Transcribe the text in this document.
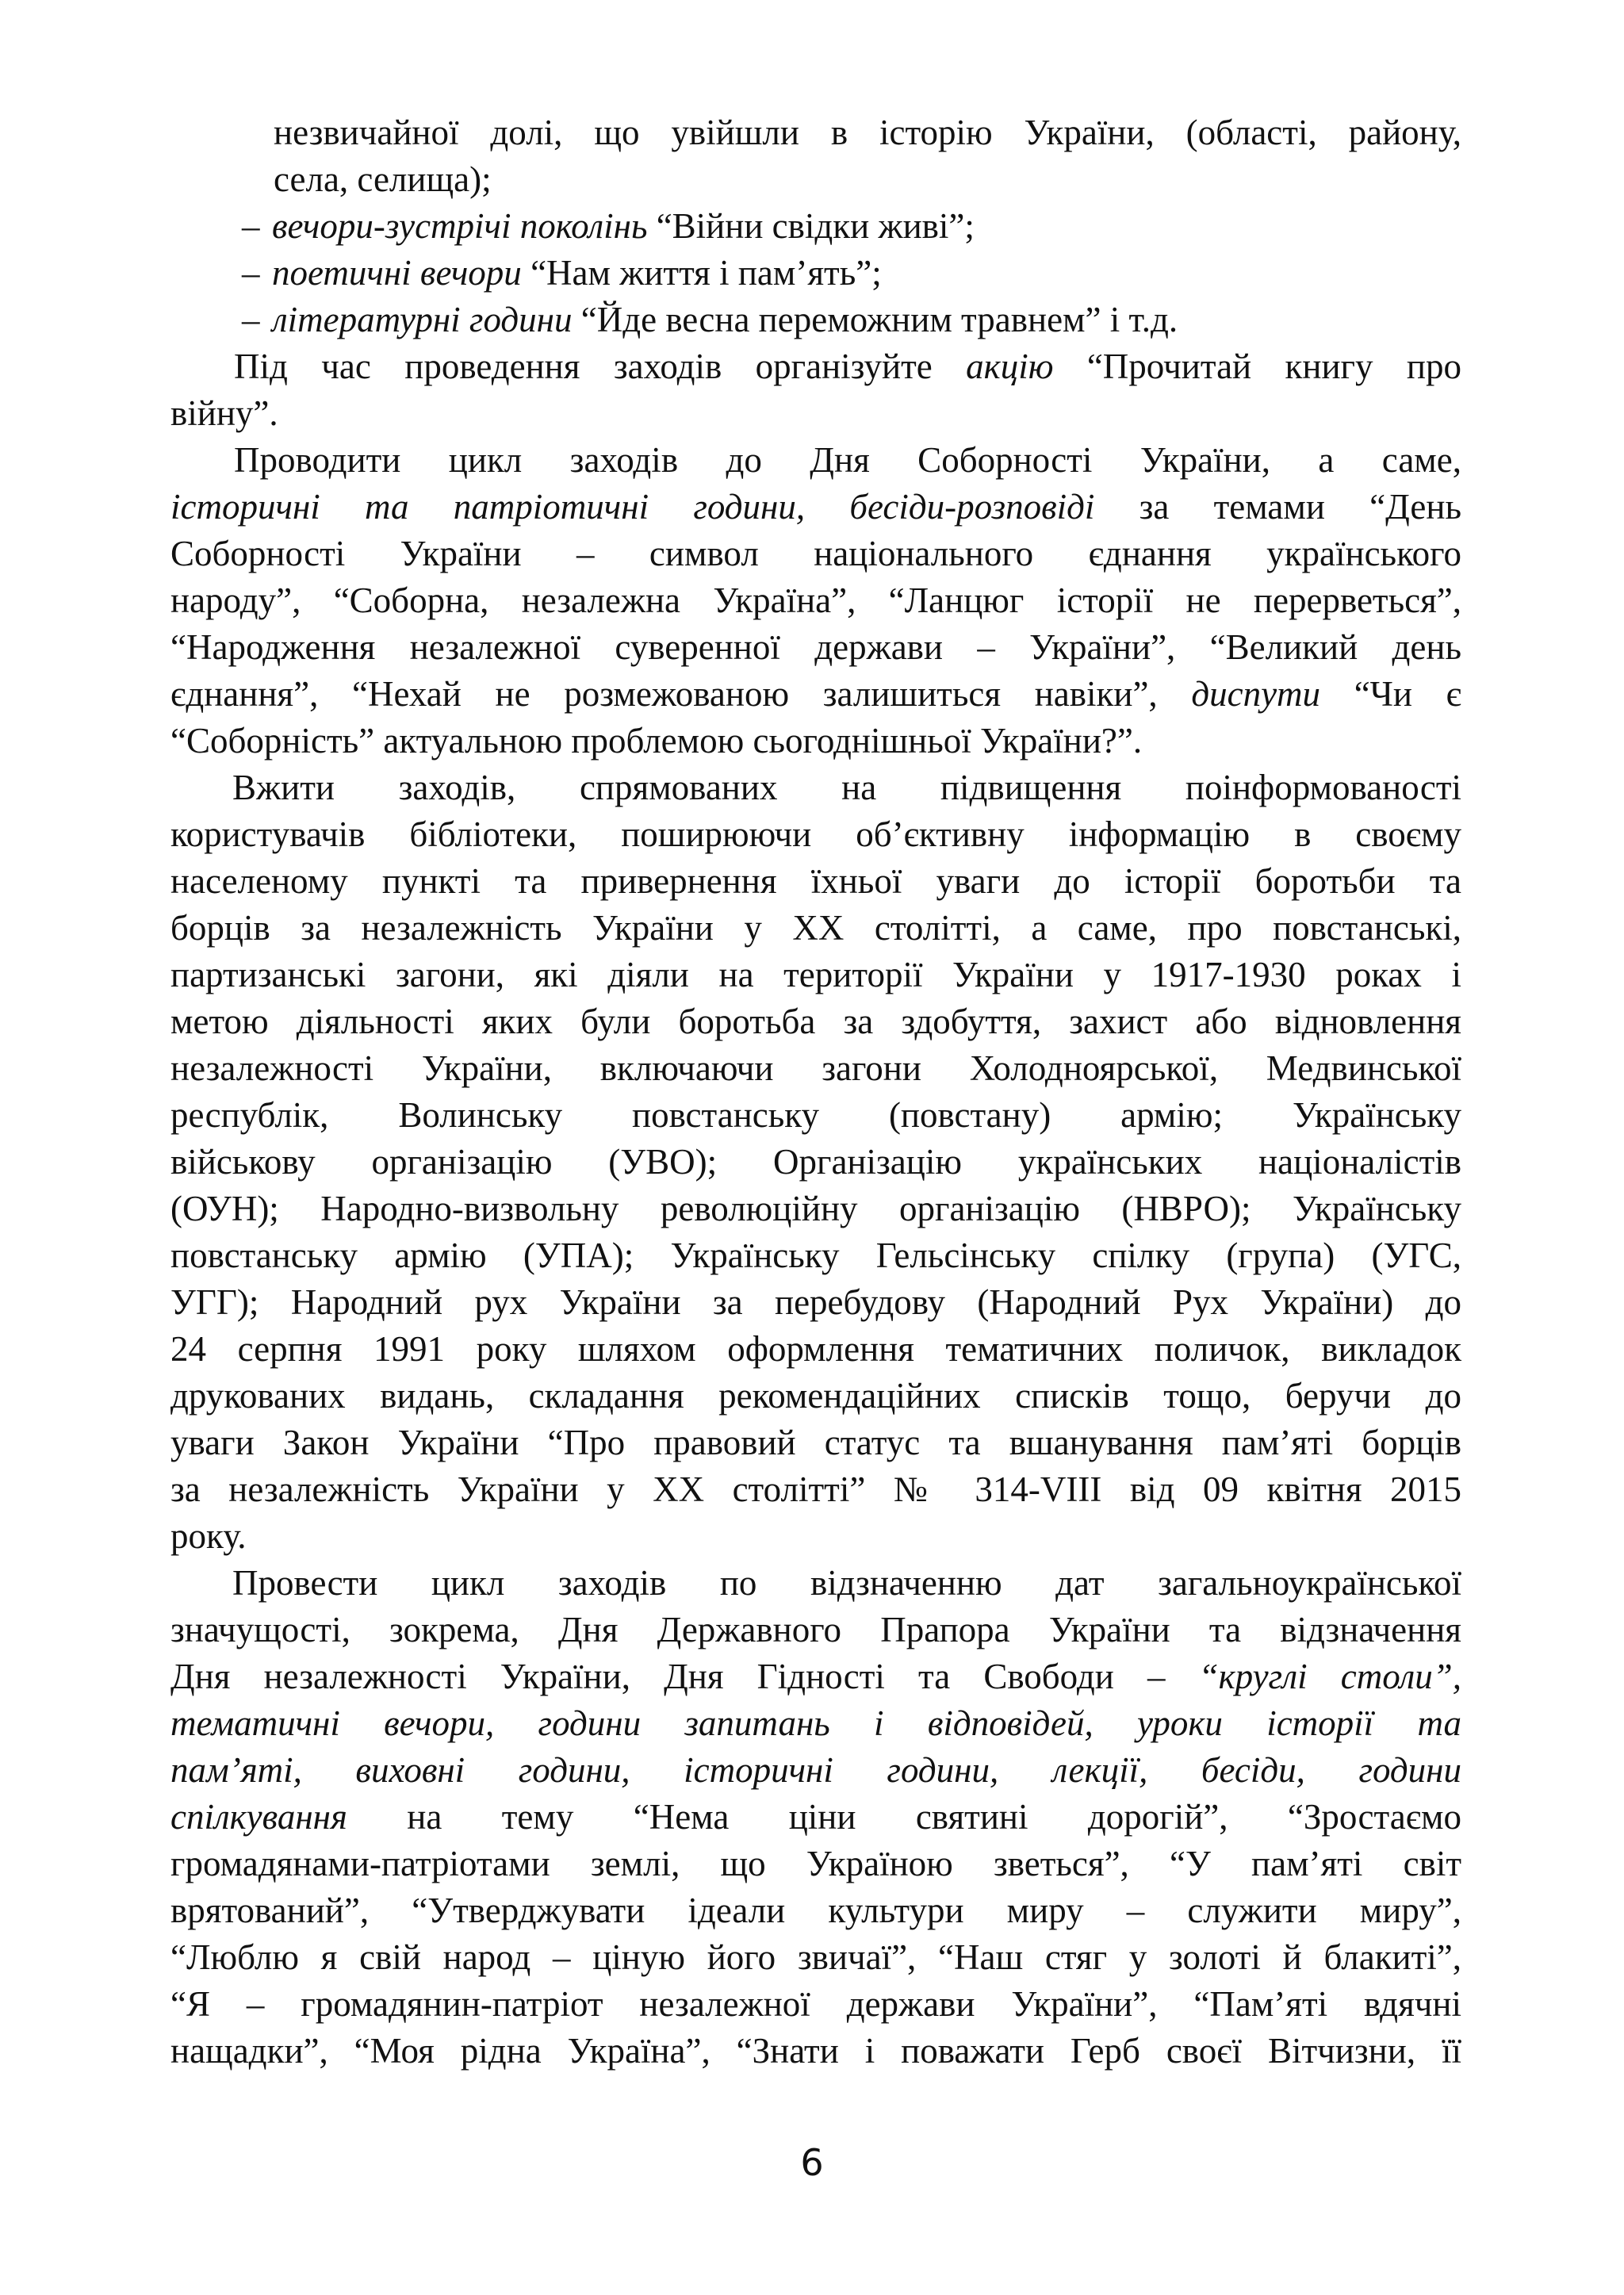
незвичайної долі, що увійшли в історію України, (області, району,
села, селища);
– вечори-зустрічі поколінь “Війни свідки живі”;
– поетичні вечори “Нам життя і пам’ять”;
– літературні години “Йде весна переможним травнем” і т.д.
Під час проведення заходів організуйте акцію “Прочитай книгу про
війну”.
Проводити цикл заходів до Дня Соборності України, а саме,
історичні та патріотичні години, бесіди-розповіді за темами “День
Соборності України – символ національного єднання українського
народу”, “Соборна, незалежна Україна”, “Ланцюг історії не перерветься”,
“Народження незалежної суверенної держави – України”, “Великий день
єднання”, “Нехай не розмежованою залишиться навіки”, диспути “Чи є
“Соборність” актуальною проблемою сьогоднішньої України?”.
Вжити заходів, спрямованих на підвищення поінформованості
користувачів бібліотеки, поширюючи об’єктивну інформацію в своєму
населеному пункті та привернення їхньої уваги до історії боротьби та
борців за незалежність України у ХХ столітті, а саме, про повстанські,
партизанські загони, які діяли на території України у 1917-1930 роках і
метою діяльності яких були боротьба за здобуття, захист або відновлення
незалежності України, включаючи загони Холодноярської, Медвинської
республік, Волинську повстанську (повстану) армію; Українську
військову організацію (УВО); Організацію українських націоналістів
(ОУН); Народно-визвольну революційну організацію (НВРО); Українську
повстанську армію (УПА); Українську Гельсінську спілку (група) (УГС,
УГГ); Народний рух України за перебудову (Народний Рух України) до
24 серпня 1991 року шляхом оформлення тематичних поличок, викладок
друкованих видань, складання рекомендаційних списків тощо, беручи до
уваги Закон України “Про правовий статус та вшанування пам’яті борців
за незалежність України у ХХ столітті” № 314-VIII від 09 квітня 2015
року.
Провести цикл заходів по відзначенню дат загальноукраїнської
значущості, зокрема, Дня Державного Прапора України та відзначення
Дня незалежності України, Дня Гідності та Свободи – “круглі столи”,
тематичні вечори, години запитань і відповідей, уроки історії та
пам’яті, виховні години, історичні години, лекції, бесіди, години
спілкування на тему “Нема ціни святині дорогій”, “Зростаємо
громадянами-патріотами землі, що Україною зветься”, “У пам’яті світ
врятований”, “Утверджувати ідеали культури миру – служити миру”,
“Люблю я свій народ – ціную його звичаї”, “Наш стяг у золоті й блакиті”,
“Я – громадянин-патріот незалежної держави України”, “Пам’яті вдячні
нащадки”, “Моя рідна Україна”, “Знати і поважати Герб своєї Вітчизни, її
6
